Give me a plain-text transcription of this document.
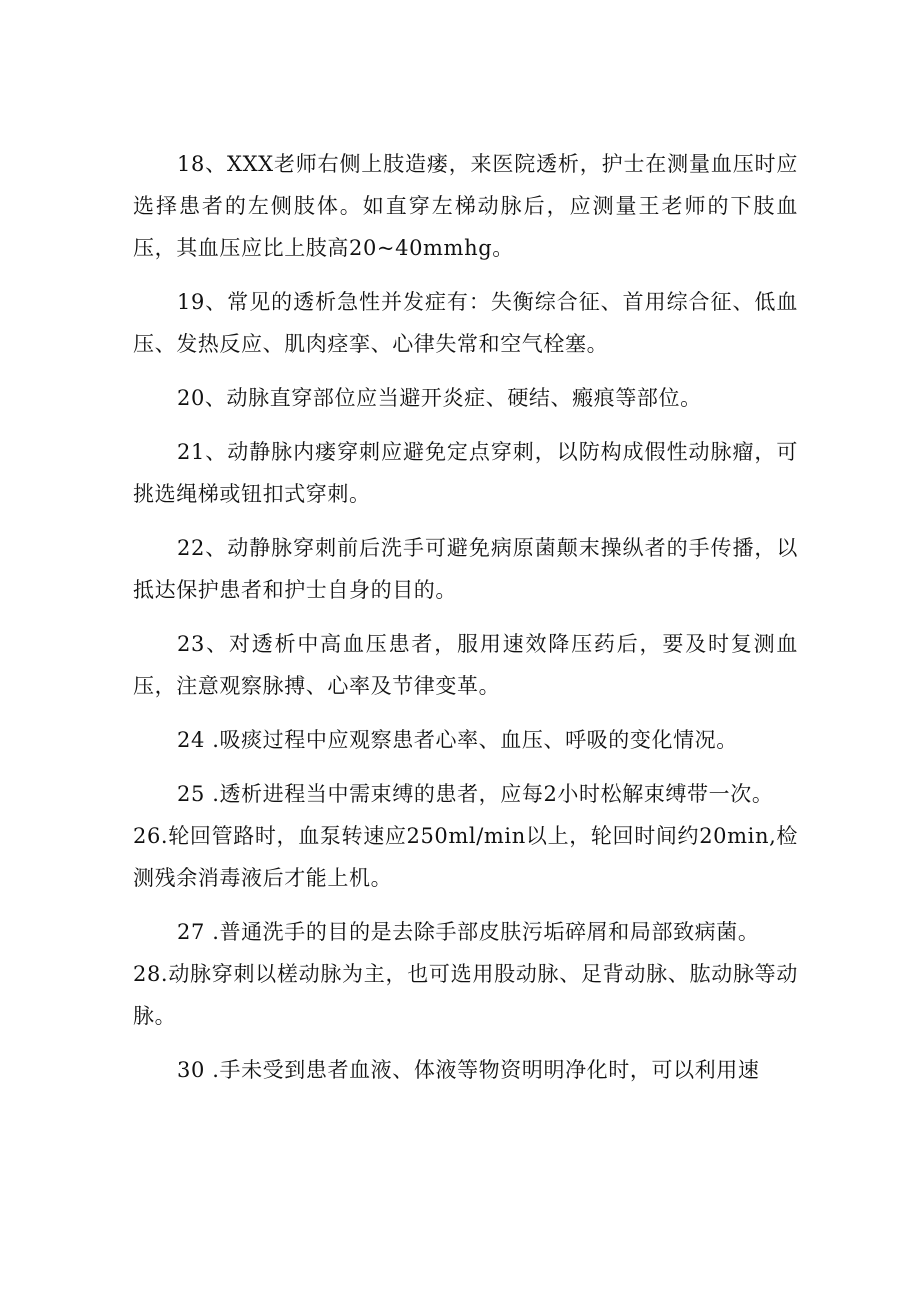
18、XXX老师右侧上肢造瘘，来医院透析，护士在测量血压时应选择患者的左侧肢体。如直穿左梯动脉后，应测量王老师的下肢血压，其血压应比上肢高20~40mmhg。

19、常见的透析急性并发症有：失衡综合征、首用综合征、低血压、发热反应、肌肉痉挛、心律失常和空气栓塞。

20、动脉直穿部位应当避开炎症、硬结、瘢痕等部位。

21、动静脉内瘘穿刺应避免定点穿刺，以防构成假性动脉瘤，可挑选绳梯或钮扣式穿刺。

22、动静脉穿刺前后洗手可避免病原菌颠末操纵者的手传播，以抵达保护患者和护士自身的目的。

23、对透析中高血压患者，服用速效降压药后，要及时复测血压，注意观察脉搏、心率及节律变革。

24 .吸痰过程中应观察患者心率、血压、呼吸的变化情况。

25 .透析进程当中需束缚的患者，应每2小时松解束缚带一次。

26.轮回管路时，血泵转速应250ml/min以上，轮回时间约20min,检测残余消毒液后才能上机。

27 .普通洗手的目的是去除手部皮肤污垢碎屑和局部致病菌。

28.动脉穿刺以槎动脉为主，也可选用股动脉、足背动脉、肱动脉等动脉。

30 .手未受到患者血液、体液等物资明明净化时，可以利用速
